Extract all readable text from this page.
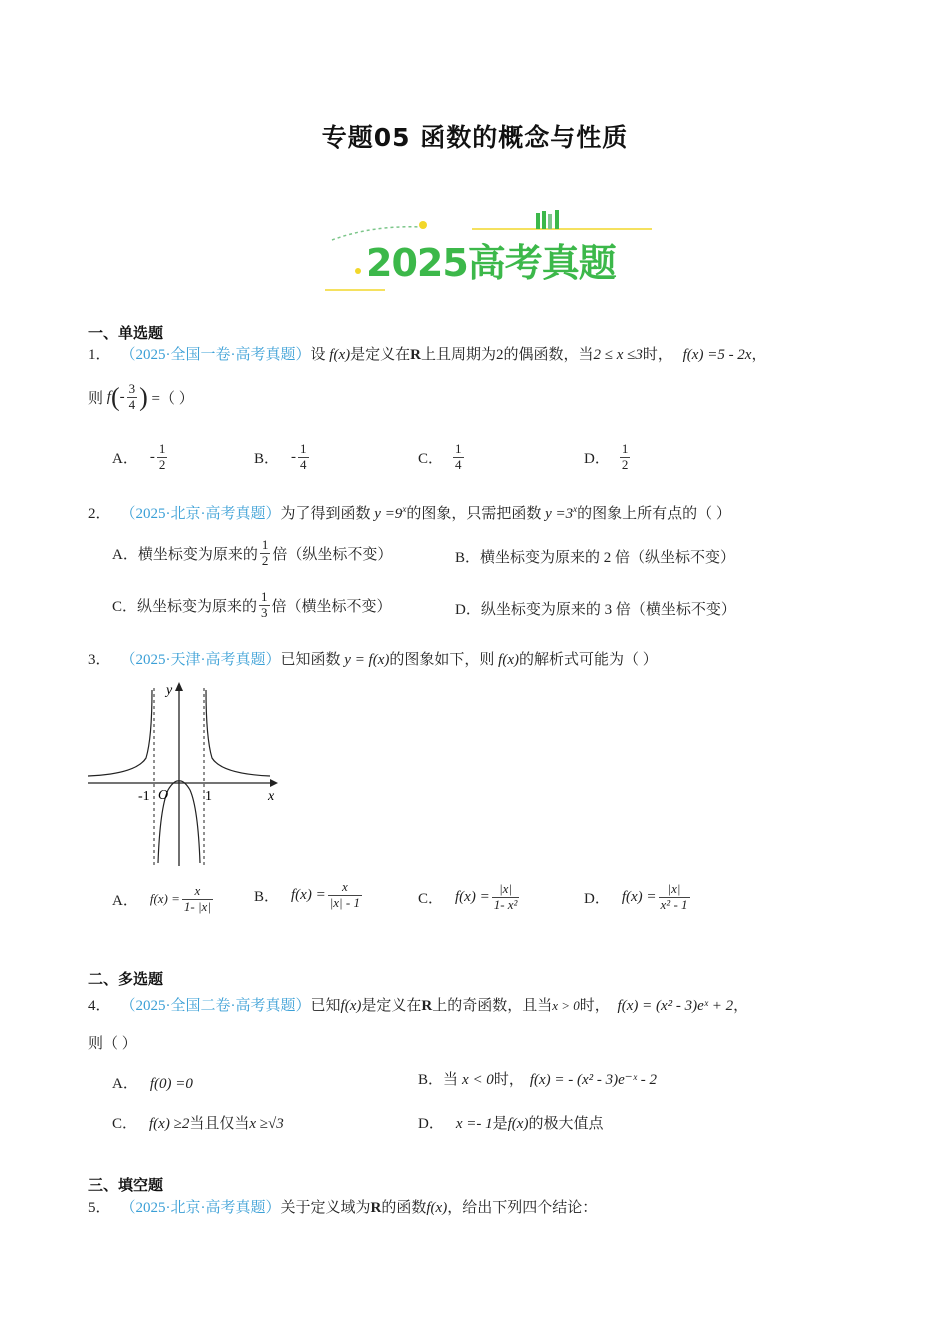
专题05 函数的概念与性质
2025高考真题
一、单选题
1． （2025·全国一卷·高考真题）设 f(x)是定义在R上且周期为2的偶函数，当2 ≤ x ≤3时， f(x) =5 - 2x，
则 $f(- \frac{3}{4}$ ) =（ ）
A． - $\frac{1}{2}$	B． - $\frac{1}{4}$	C． $\frac{1}{4}$	D． $\frac{1}{2}$
2． （2025·北京·高考真题）为了得到函数 $y =9^x$的图象，只需把函数 $y =3^x$的图象上所有点的（ ）
A．横坐标变为原来的 $\frac{1}{2}$ 倍（纵坐标不变）	B．横坐标变为原来的 2 倍（纵坐标不变）
C．纵坐标变为原来的 $\frac{1}{3}$ 倍（横坐标不变）	D．纵坐标变为原来的 3 倍（横坐标不变）
3． （2025·天津·高考真题）已知函数 y = f(x)的图象如下，则 f(x)的解析式可能为（ ）
y
x
O
-1	1
A． $f(x) = \frac{x}{1- |x|}$	B． $f(x) = \frac{x}{|x| - 1}$	C． $f(x) = \frac{|x|}{\text{1- x²}}$	D． $f(x) = \frac{|x|}{\text{x² - 1}}$
二、多选题
4． （2025·全国二卷·高考真题）已知f(x)是定义在R上的奇函数，且当x > 0时， f(x) = (x² - 3)eˣ + 2，
则（ ）
A． f(0) =0	B．当 x < 0时， f(x) = - (x² - 3)e⁻ˣ - 2
C． f(x) ≥2当且仅当x ≥√3	D． x =- 1是f(x)的极大值点
三、填空题
5． （2025·北京·高考真题）关于定义域为R的函数f(x)，给出下列四个结论：
